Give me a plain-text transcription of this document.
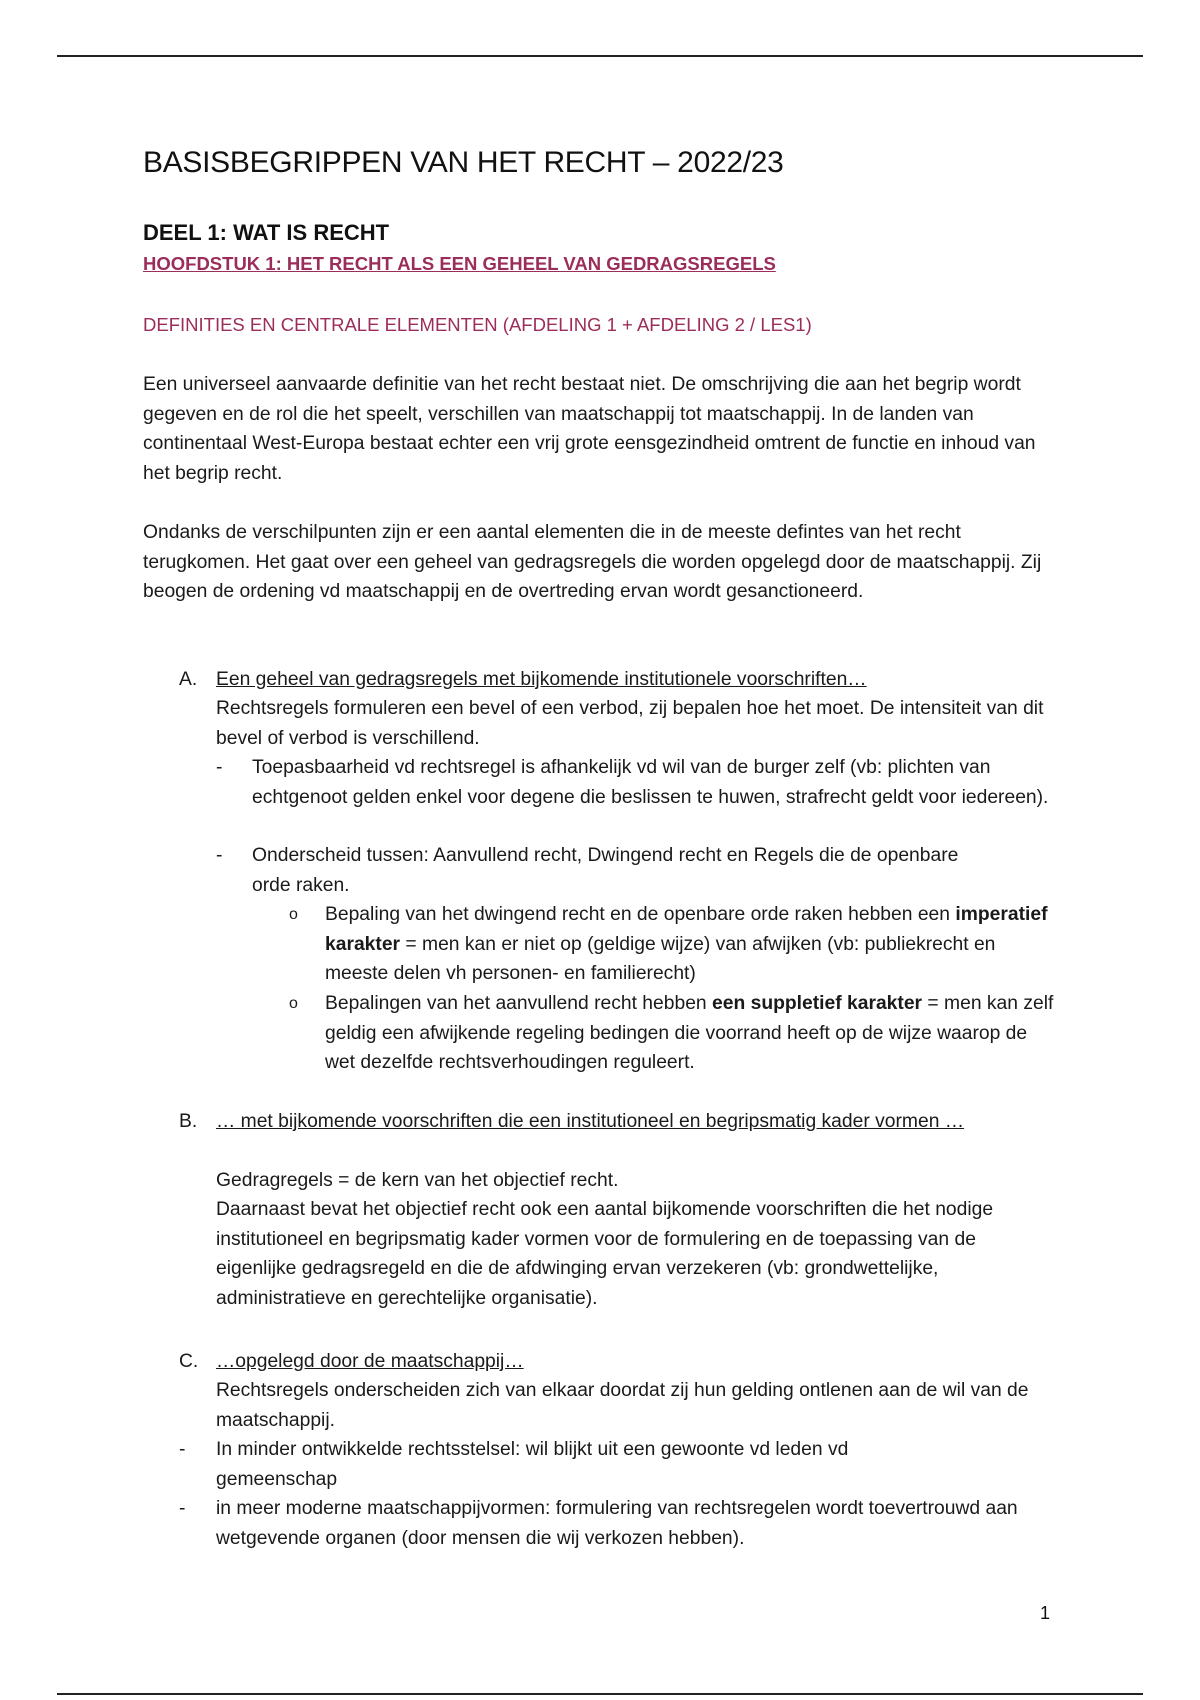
BASISBEGRIPPEN VAN HET RECHT – 2022/23
DEEL 1: WAT IS RECHT
HOOFDSTUK 1: HET RECHT ALS EEN GEHEEL VAN GEDRAGSREGELS
DEFINITIES EN CENTRALE ELEMENTEN (AFDELING 1 + AFDELING 2 / LES1)
Een universeel aanvaarde definitie van het recht bestaat niet. De omschrijving die aan het begrip wordt gegeven en de rol die het speelt, verschillen van maatschappij tot maatschappij. In de landen van continentaal West-Europa bestaat echter een vrij grote eensgezindheid omtrent de functie en inhoud van het begrip recht.
Ondanks de verschilpunten zijn er een aantal elementen die in de meeste defintes van het recht terugkomen. Het gaat over een geheel van gedragsregels die worden opgelegd door de maatschappij. Zij beogen de ordening vd maatschappij en de overtreding ervan wordt gesanctioneerd.
A. Een geheel van gedragsregels met bijkomende institutionele voorschriften…
Rechtsregels formuleren een bevel of een verbod, zij bepalen hoe het moet. De intensiteit van dit bevel of verbod is verschillend.
- Toepasbaarheid vd rechtsregel is afhankelijk vd wil van de burger zelf (vb: plichten van echtgenoot gelden enkel voor degene die beslissen te huwen, strafrecht geldt voor iedereen).
- Onderscheid tussen: Aanvullend recht, Dwingend recht en Regels die de openbare orde raken.
o Bepaling van het dwingend recht en de openbare orde raken hebben een imperatief karakter = men kan er niet op (geldige wijze) van afwijken (vb: publiekrecht en meeste delen vh personen- en familierecht)
o Bepalingen van het aanvullend recht hebben een suppletief karakter = men kan zelf geldig een afwijkende regeling bedingen die voorrand heeft op de wijze waarop de wet dezelfde rechtsverhoudingen reguleert.
B. … met bijkomende voorschriften die een institutioneel en begripsmatig kader vormen …
Gedragregels = de kern van het objectief recht.
Daarnaast bevat het objectief recht ook een aantal bijkomende voorschriften die het nodige institutioneel en begripsmatig kader vormen voor de formulering en de toepassing van de eigenlijke gedragsregeld en die de afdwinging ervan verzekeren (vb: grondwettelijke, administratieve en gerechtelijke organisatie).
C. …opgelegd door de maatschappij…
Rechtsregels onderscheiden zich van elkaar doordat zij hun gelding ontlenen aan de wil van de maatschappij.
- In minder ontwikkelde rechtsstelsel: wil blijkt uit een gewoonte vd leden vd gemeenschap
- in meer moderne maatschappijvormen: formulering van rechtsregelen wordt toevertrouwd aan wetgevende organen (door mensen die wij verkozen hebben).
1
